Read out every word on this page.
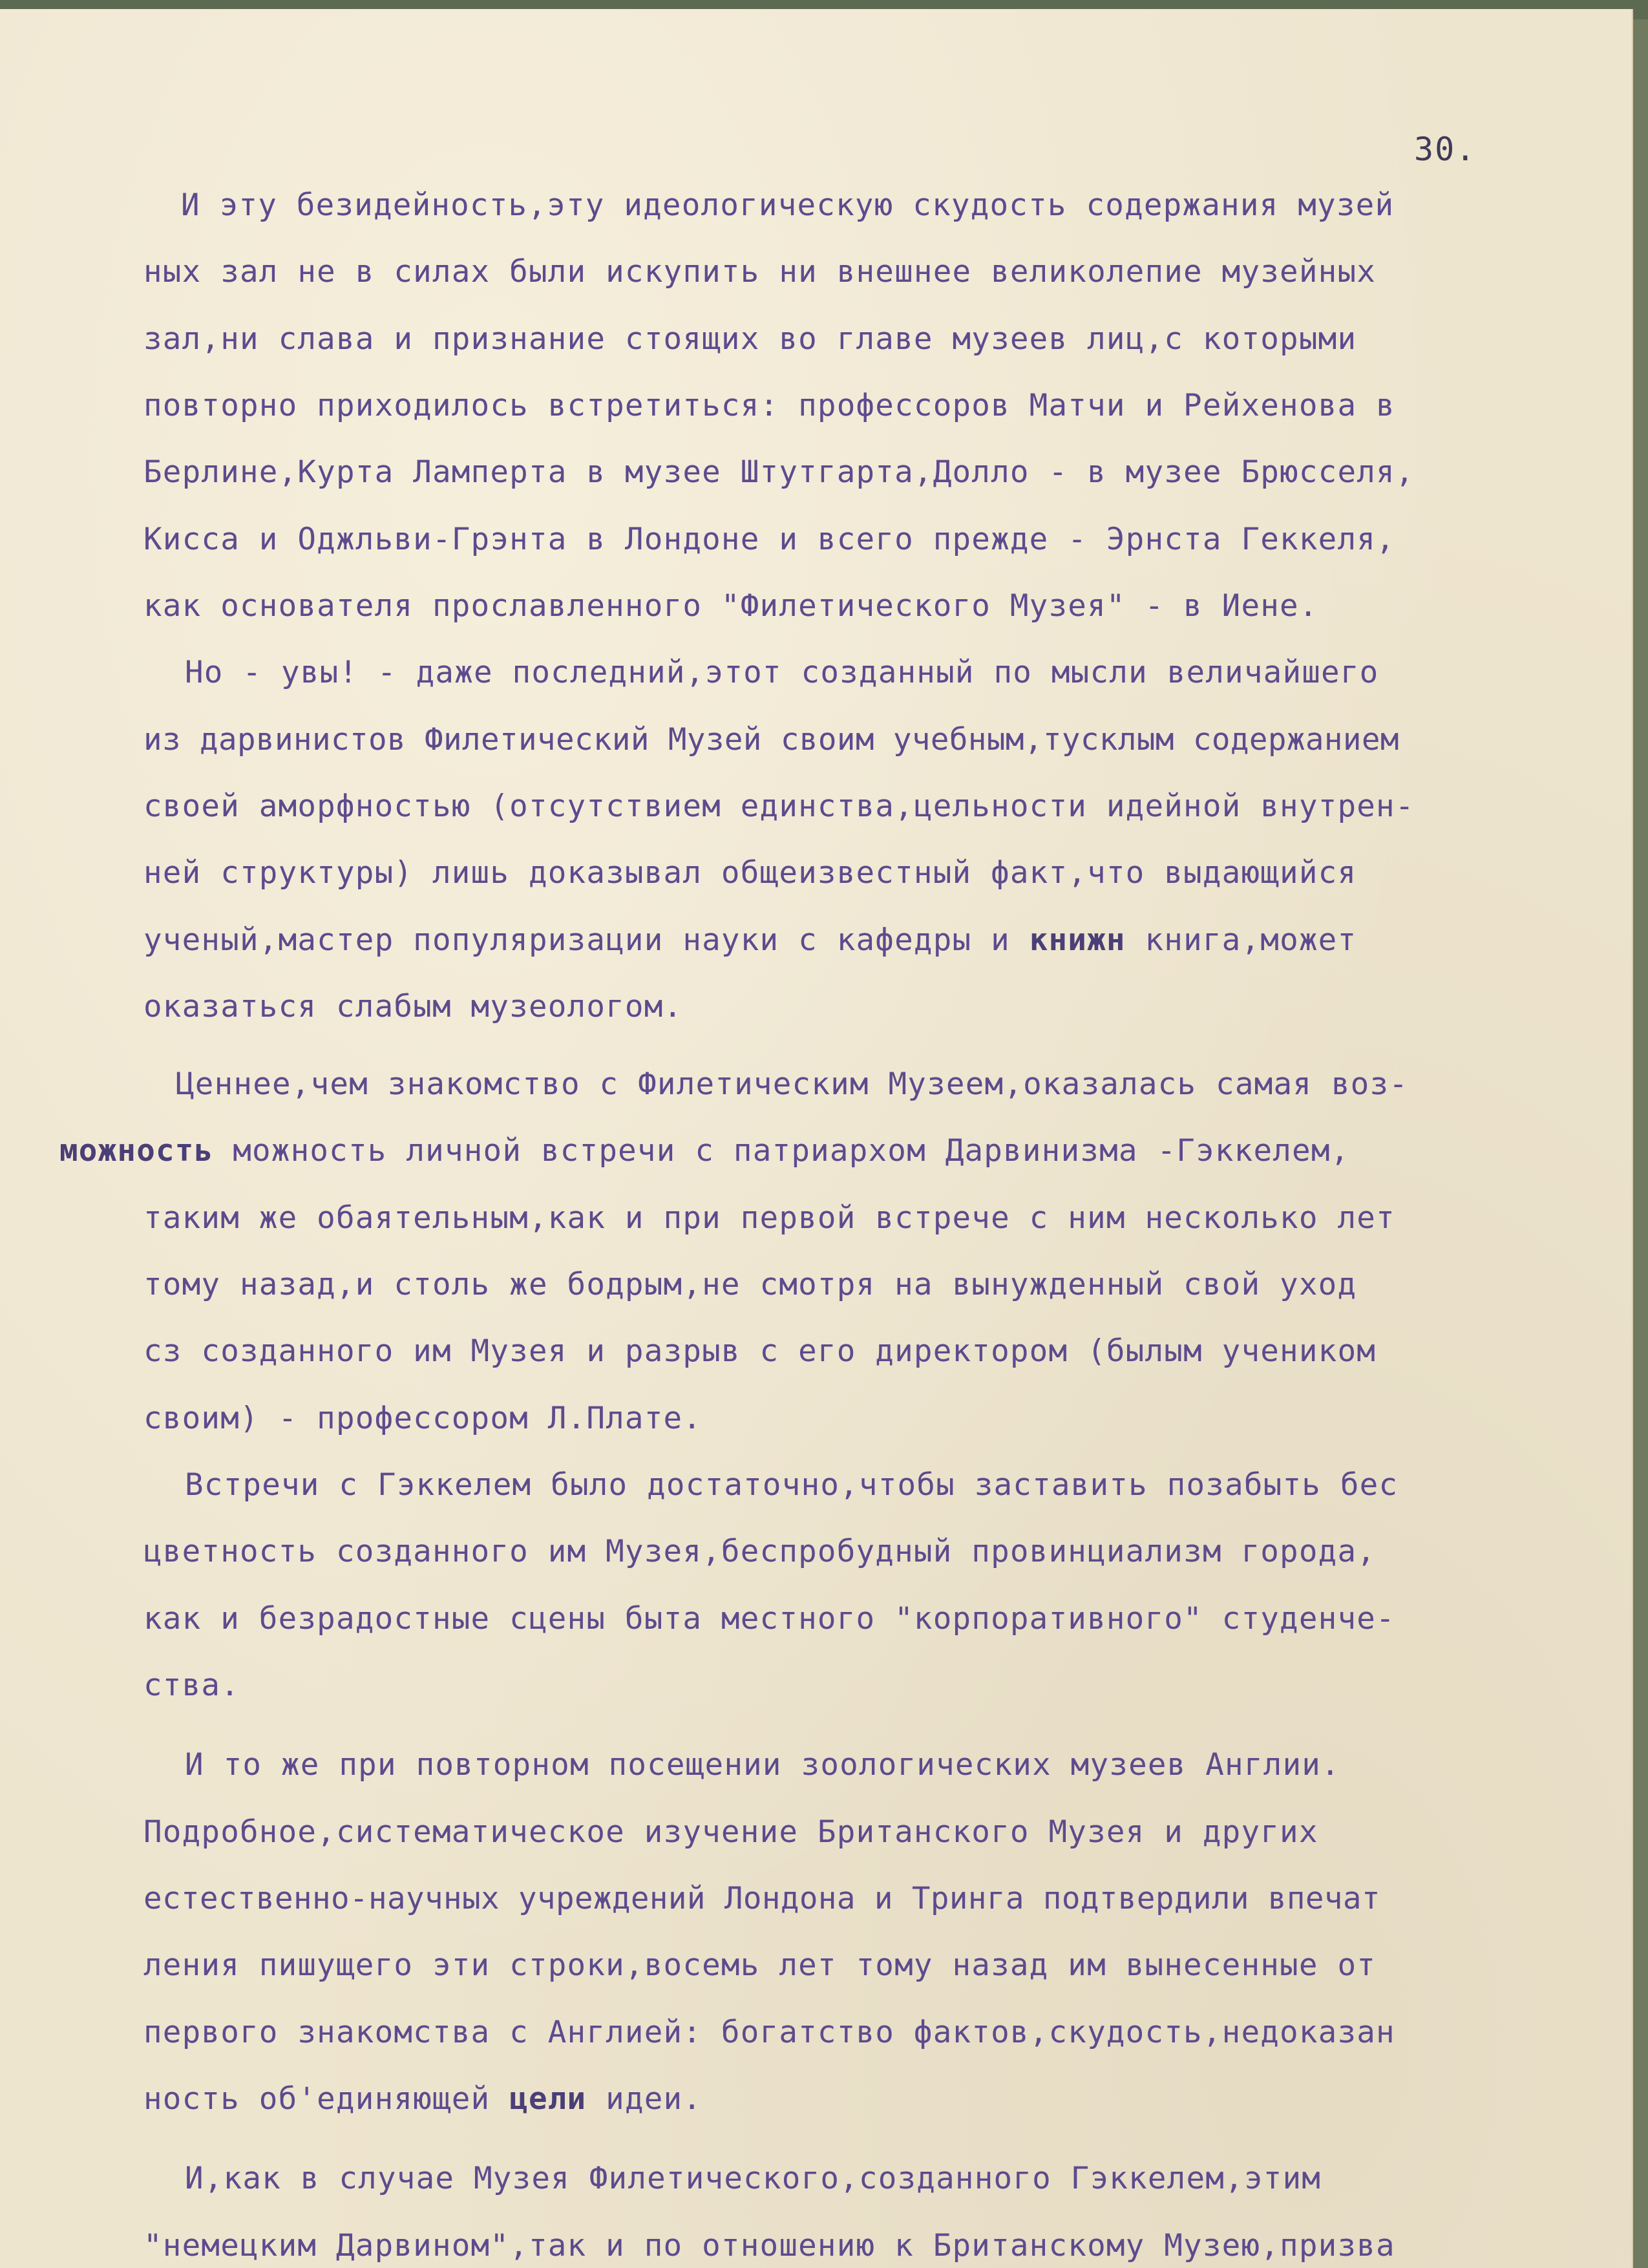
30.
И эту безидейность,эту идеологическую скудость содержания музей
ных зал не в силах были искупить ни внешнее великолепие музейных
зал,ни слава и признание стоящих во главе музеев лиц,с которыми
повторно приходилось встретиться: профессоров Матчи и Рейхенова в
Берлине,Курта Лампертa в музее Штутгарта,Долло - в музее Брюсселя,
Кисса и Оджльви-Грэнта в Лондоне и всего прежде - Эрнста Геккеля,
как основателя прославленного "Филетического Музея" - в Иене.
Но - увы! - даже последний,этот созданный по мысли величайшего
из дарвинистов Филетический Музей своим учебным,тусклым содержанием
своей аморфностью (отсутствием единства,цельности идейной внутрен-
ней структуры) лишь доказывал общеизвестный факт,что выдающийся
ученый,мастер популяризации науки с кафедры и книжн книга,может
оказаться слабым музеологом.
Ценнее,чем знакомство с Филетическим Музеем,оказалась самая воз-
можность можность личной встречи с патриархом Дарвинизма -Гэккелем,
таким же обаятельным,как и при первой встрече с ним несколько лет
тому назад,и столь же бодрым,не смотря на вынужденный свой уход
сз созданного им Музея и разрыв с его директором (былым учеником
своим) - профессором Л.Плате.
Встречи с Гэккелем было достаточно,чтобы заставить позабыть бес
цветность созданного им Музея,беспробудный провинциализм города,
как и безрадостные сцены быта местного "корпоративного" студенче-
ства.
И то же при повторном посещении зоологических музеев Англии.
Подробное,систематическое изучение Британского Музея и других
естественно-научных учреждений Лондона и Тринга подтвердили впечат
ления пишущего эти строки,восемь лет тому назад им вынесенные от
первого знакомства с Англией: богатство фактов,скудость,недоказан
ность об'единяющей цели идеи.
И,как в случае Музея Филетического,созданного Гэккелем,этим
"немецким Дарвином",так и по отношению к Британскому Музею,призва
